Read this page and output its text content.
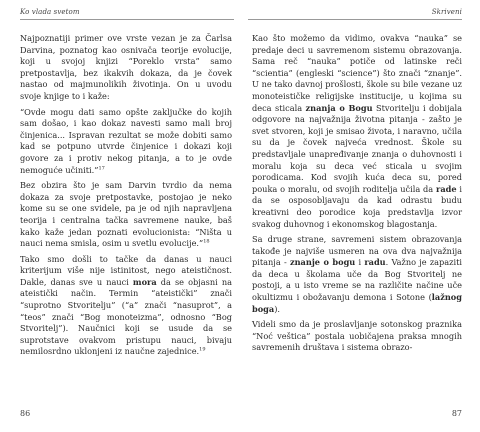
Ko vlada svetom

Najpoznatiji primer ove vrste vezan je za Čarlsa Darvina, poznatog kao osnivača teorije evolucije, koji u svojoj knjizi “Poreklo vrsta” samo pretpostavlja, bez ikakvih dokaza, da je čovek nastao od majmunolikih životinja. On u uvodu svoje knjige to i kaže:

“Ovde mogu dati samo opšte zaključke do kojih sam došao, i kao dokaz navesti samo mali broj činjenica... Ispravan rezultat se može dobiti samo kad se potpuno utvrde činjenice i dokazi koji govore za i protiv nekog pitanja, a to je ovde nemoguće učiniti.”$^{17}$

Bez obzira što je sam Darvin tvrdio da nema dokaza za svoje pretpostavke, postojao je neko kome su se one svidele, pa je od njih napravljena teorija i centralna tačka savremene nauke, baš kako kaže jedan poznati evolucionista: “Ništa u nauci nema smisla, osim u svetlu evolucije.”$^{18}$

Tako smo došli to tačke da danas u nauci kriterijum više nije istinitost, nego ateističnost. Dakle, danas sve u nauci mora da se objasni na ateistički način. Termin “ateistički” znači “suprotno Stvoritelju” (“a” znači “nasuprot”, a “teos” znači “Bog monoteizma”, odnosno “Bog Stvoritelj”). Naučnici koji se usude da se suprotstave ovakvom pristupu nauci, bivaju nemilosrdno uklonjeni iz naučne zajednice.$^{19}$

86
Skriveni

Kao što možemo da vidimo, ovakva “nauka” se predaje deci u savremenom sistemu obrazovanja. Sama reč “nauka” potiče od latinske reči “scientia” (engleski “science”) što znači “znanje”. U ne tako davnoj prošlosti, škole su bile vezane uz monoteističke religijske institucije, u kojima su deca sticala znanja o Bogu Stvoritelju i dobijala odgovore na najvažnija životna pitanja - zašto je svet stvoren, koji je smisao života, i naravno, učila su da je čovek najveća vrednost. Škole su predstavljale unapređivanje znanja o duhovnosti i moralu koja su deca već sticala u svojim porodicama. Kod svojih kuća deca su, pored pouka o moralu, od svojih roditelja učila da rade i da se osposobljavaju da kad odrastu budu kreativni deo porodice koja predstavlja izvor svakog duhovnog i ekonomskog blagostanja.

Sa druge strane, savremeni sistem obrazovanja takođe je najviše usmeren na ova dva najvažnija pitanja - znanje o bogu i radu. Važno je zapaziti da deca u školama uče da Bog Stvoritelj ne postoji, a u isto vreme se na različite načine uče okultizmu i obožavanju demona i Sotone (lažnog boga).

Videli smo da je proslavljanje sotonskog praznika “Noć veštica” postala uobičajena praksa mnogih savremenih društava i sistema obrazo-

87
